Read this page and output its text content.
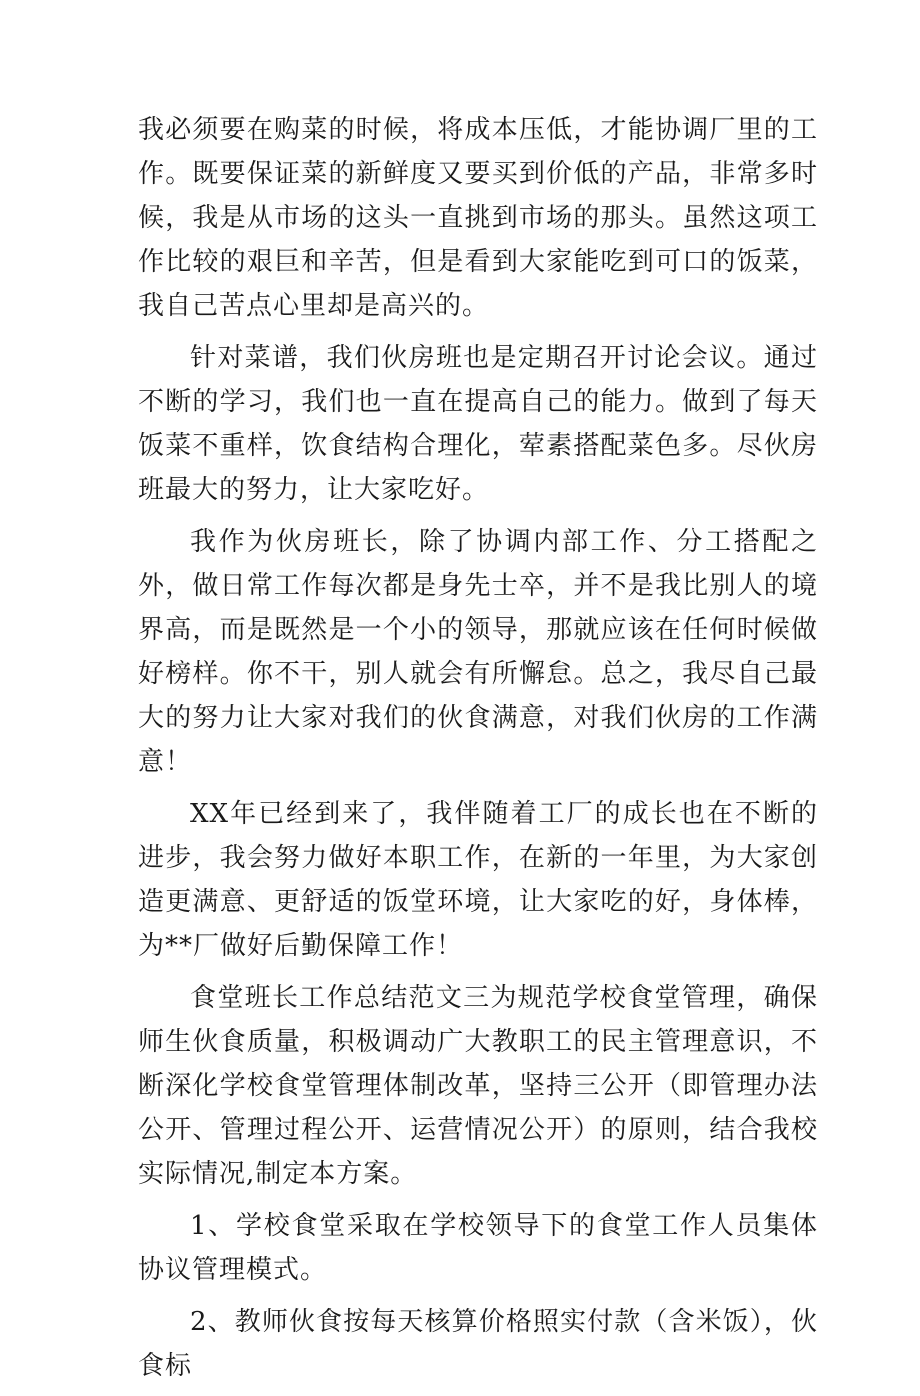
我必须要在购菜的时候，将成本压低，才能协调厂里的工作。既要保证菜的新鲜度又要买到价低的产品，非常多时候，我是从市场的这头一直挑到市场的那头。虽然这项工作比较的艰巨和辛苦，但是看到大家能吃到可口的饭菜，我自己苦点心里却是高兴的。

针对菜谱，我们伙房班也是定期召开讨论会议。通过不断的学习，我们也一直在提高自己的能力。做到了每天饭菜不重样，饮食结构合理化，荤素搭配菜色多。尽伙房班最大的努力，让大家吃好。

我作为伙房班长，除了协调内部工作、分工搭配之外，做日常工作每次都是身先士卒，并不是我比别人的境界高，而是既然是一个小的领导，那就应该在任何时候做好榜样。你不干，别人就会有所懈怠。总之，我尽自己最大的努力让大家对我们的伙食满意，对我们伙房的工作满意！

XX年已经到来了，我伴随着工厂的成长也在不断的进步，我会努力做好本职工作，在新的一年里，为大家创造更满意、更舒适的饭堂环境，让大家吃的好，身体棒，为**厂做好后勤保障工作！

食堂班长工作总结范文三为规范学校食堂管理，确保师生伙食质量，积极调动广大教职工的民主管理意识，不断深化学校食堂管理体制改革，坚持三公开（即管理办法公开、管理过程公开、运营情况公开）的原则，结合我校实际情况,制定本方案。

1、学校食堂采取在学校领导下的食堂工作人员集体协议管理模式。

2、教师伙食按每天核算价格照实付款（含米饭），伙食标
